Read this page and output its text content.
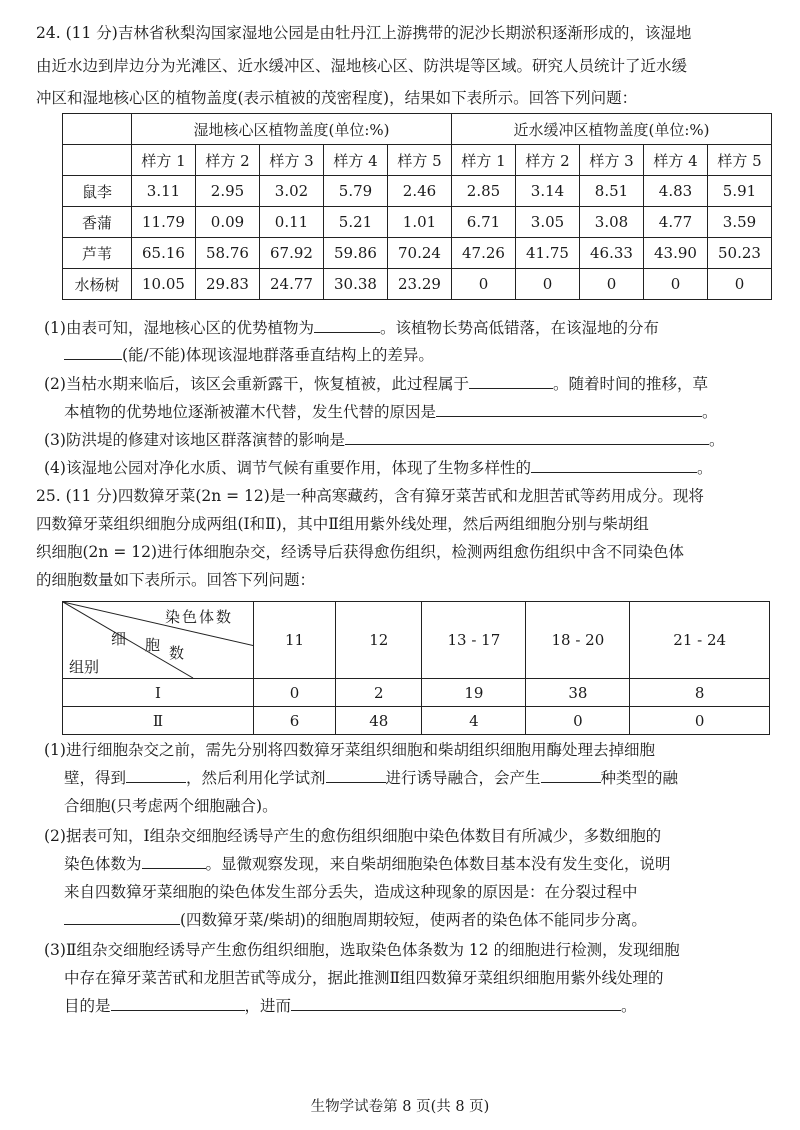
24. (11 分)吉林省秋梨沟国家湿地公园是由牡丹江上游携带的泥沙长期淤积逐渐形成的，该湿地
由近水边到岸边分为光滩区、近水缓冲区、湿地核心区、防洪堤等区域。研究人员统计了近水缓
冲区和湿地核心区的植物盖度(表示植被的茂密程度)，结果如下表所示。回答下列问题：
	湿地核心区植物盖度(单位:%)					近水缓冲区植物盖度(单位:%)				
	样方 1	样方 2	样方 3	样方 4	样方 5	样方 1	样方 2	样方 3	样方 4	样方 5
鼠李	3.11	2.95	3.02	5.79	2.46	2.85	3.14	8.51	4.83	5.91
香蒲	11.79	0.09	0.11	5.21	1.01	6.71	3.05	3.08	4.77	3.59
芦苇	65.16	58.76	67.92	59.86	70.24	47.26	41.75	46.33	43.90	50.23
水杨树	10.05	29.83	24.77	30.38	23.29	0	0	0	0	0
(1)由表可知，湿地核心区的优势植物为	。该植物长势高低错落，在该湿地的分布
(能/不能)体现该湿地群落垂直结构上的差异。
(2)当枯水期来临后，该区会重新露干，恢复植被，此过程属于	。随着时间的推移，草
本植物的优势地位逐渐被灌木代替，发生代替的原因是	。
(3)防洪堤的修建对该地区群落演替的影响是	。
(4)该湿地公园对净化水质、调节气候有重要作用，体现了生物多样性的	。
25. (11 分)四数獐牙菜(2n = 12)是一种高寒藏药，含有獐牙菜苦甙和龙胆苦甙等药用成分。现将
四数獐牙菜组织细胞分成两组(Ⅰ和Ⅱ)，其中Ⅱ组用紫外线处理，然后两组细胞分别与柴胡组
织细胞(2n = 12)进行体细胞杂交，经诱导后获得愈伤组织，检测两组愈伤组织中含不同染色体
的细胞数量如下表所示。回答下列问题：
染色体数
细 胞 数
组别	11	12	13 - 17	18 - 20	21 - 24
Ⅰ	0	2	19	38	8
Ⅱ	6	48	4	0	0
(1)进行细胞杂交之前，需先分别将四数獐牙菜组织细胞和柴胡组织细胞用酶处理去掉细胞
壁，得到	，然后利用化学试剂	进行诱导融合，会产生	种类型的融
合细胞(只考虑两个细胞融合)。
(2)据表可知，Ⅰ组杂交细胞经诱导产生的愈伤组织细胞中染色体数目有所减少，多数细胞的
染色体数为	。显微观察发现，来自柴胡细胞染色体数目基本没有发生变化，说明
来自四数獐牙菜细胞的染色体发生部分丢失，造成这种现象的原因是：在分裂过程中
(四数獐牙菜/柴胡)的细胞周期较短，使两者的染色体不能同步分离。
(3)Ⅱ组杂交细胞经诱导产生愈伤组织细胞，选取染色体条数为 12 的细胞进行检测，发现细胞
中存在獐牙菜苦甙和龙胆苦甙等成分，据此推测Ⅱ组四数獐牙菜组织细胞用紫外线处理的
目的是	，进而	。
生物学试卷第 8 页(共 8 页)
